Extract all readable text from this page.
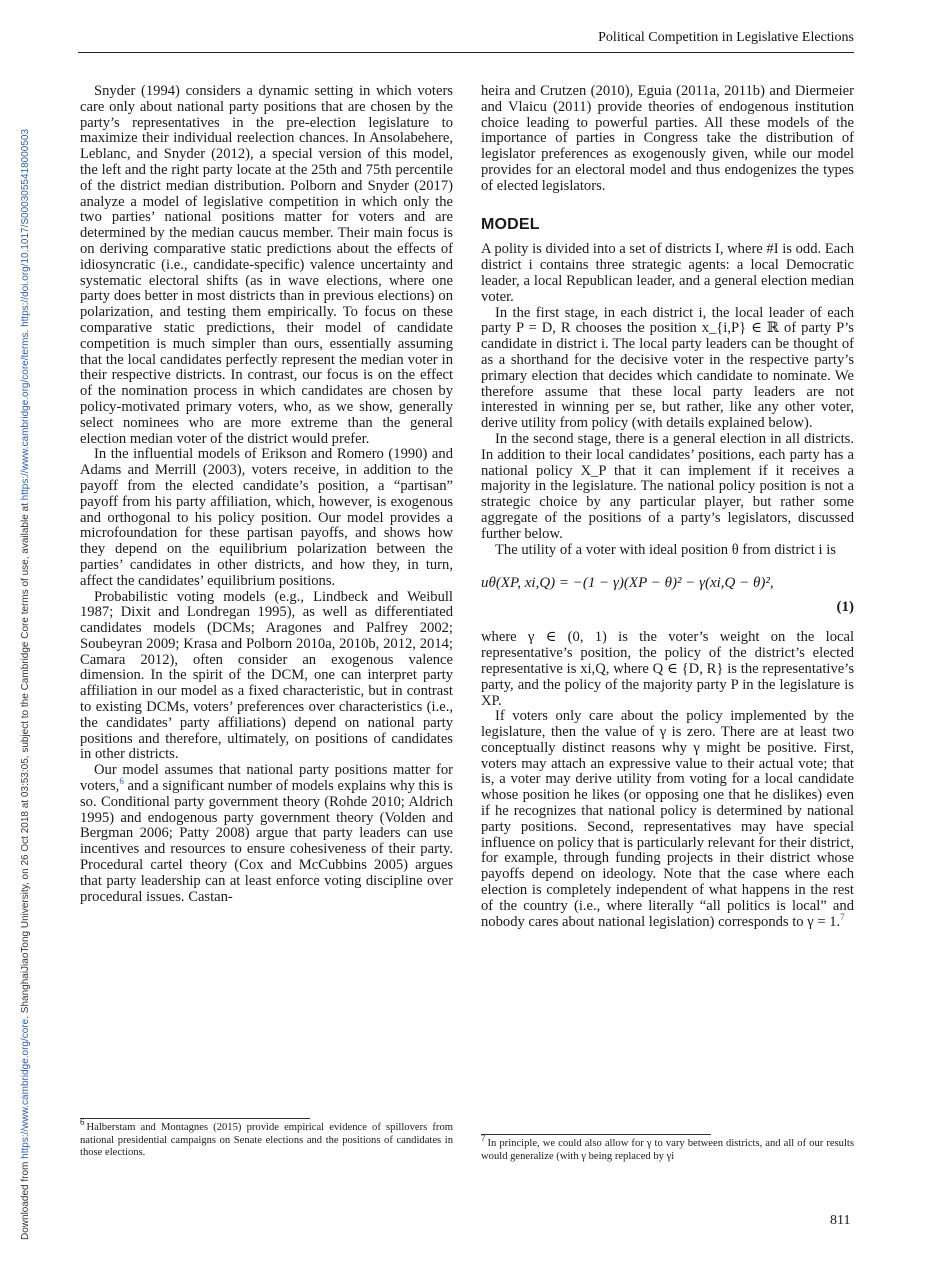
Political Competition in Legislative Elections
Downloaded from https://www.cambridge.org/core. ShanghaiJiaoTong University, on 26 Oct 2018 at 03:53:05, subject to the Cambridge Core terms of use, available at https://www.cambridge.org/core/terms. https://doi.org/10.1017/S0003055418000503

Snyder (1994) considers a dynamic setting in which voters care only about national party positions that are chosen by the party’s representatives in the pre-election legislature to maximize their individual reelection chances. In Ansolabehere, Leblanc, and Snyder (2012), a special version of this model, the left and the right party locate at the 25th and 75th percentile of the district median distribution. Polborn and Snyder (2017) analyze a model of legislative competition in which only the two parties’ national positions matter for voters and are determined by the median caucus member. Their main focus is on deriving comparative static predictions about the effects of idiosyncratic (i.e., candidate-specific) valence uncertainty and systematic electoral shifts (as in wave elections, where one party does better in most districts than in previous elections) on polarization, and testing them empirically. To focus on these comparative static predictions, their model of candidate competition is much simpler than ours, essentially assuming that the local candidates perfectly represent the median voter in their respective districts. In contrast, our focus is on the effect of the nomination process in which candidates are chosen by policy-motivated primary voters, who, as we show, generally select nominees who are more extreme than the general election median voter of the district would prefer.

In the influential models of Erikson and Romero (1990) and Adams and Merrill (2003), voters receive, in addition to the payoff from the elected candidate’s position, a “partisan” payoff from his party affiliation, which, however, is exogenous and orthogonal to his policy position. Our model provides a microfoundation for these partisan payoffs, and shows how they depend on the equilibrium polarization between the parties’ candidates in other districts, and how they, in turn, affect the candidates’ equilibrium positions.

Probabilistic voting models (e.g., Lindbeck and Weibull 1987; Dixit and Londregan 1995), as well as differentiated candidates models (DCMs; Aragones and Palfrey 2002; Soubeyran 2009; Krasa and Polborn 2010a, 2010b, 2012, 2014; Camara 2012), often consider an exogenous valence dimension. In the spirit of the DCM, one can interpret party affiliation in our model as a fixed characteristic, but in contrast to existing DCMs, voters’ preferences over characteristics (i.e., the candidates’ party affiliations) depend on national party positions and therefore, ultimately, on positions of candidates in other districts.

Our model assumes that national party positions matter for voters,$^6$ and a significant number of models explains why this is so. Conditional party government theory (Rohde 2010; Aldrich 1995) and endogenous party government theory (Volden and Bergman 2006; Patty 2008) argue that party leaders can use incentives and resources to ensure cohesiveness of their party. Procedural cartel theory (Cox and McCubbins 2005) argues that party leadership can at least enforce voting discipline over procedural issues. Castan-

heira and Crutzen (2010), Eguia (2011a, 2011b) and Diermeier and Vlaicu (2011) provide theories of endogenous institution choice leading to powerful parties. All these models of the importance of parties in Congress take the distribution of legislator preferences as exogenously given, while our model provides for an electoral model and thus endogenizes the types of elected legislators.

MODEL

A polity is divided into a set of districts I, where #I is odd. Each district i contains three strategic agents: a local Democratic leader, a local Republican leader, and a general election median voter.

In the first stage, in each district i, the local leader of each party P = D, R chooses the position x_{i,P} ∈ ℝ of party P’s candidate in district i. The local party leaders can be thought of as a shorthand for the decisive voter in the respective party’s primary election that decides which candidate to nominate. We therefore assume that these local party leaders are not interested in winning per se, but rather, like any other voter, derive utility from policy (with details explained below).

In the second stage, there is a general election in all districts. In addition to their local candidates’ positions, each party has a national policy X_P that it can implement if it receives a majority in the legislature. The national policy position is not a strategic choice by any particular player, but rather some aggregate of the positions of a party’s legislators, discussed further below.

The utility of a voter with ideal position θ from district i is

uθ(XP, xi,Q) = −(1 − γ)(XP − θ)² − γ(xi,Q − θ)²,
(1)

where γ ∈ (0, 1) is the voter’s weight on the local representative’s position, the policy of the district’s elected representative is xi,Q, where Q ∈ {D, R} is the representative’s party, and the policy of the majority party P in the legislature is XP.

If voters only care about the policy implemented by the legislature, then the value of γ is zero. There are at least two conceptually distinct reasons why γ might be positive. First, voters may attach an expressive value to their actual vote; that is, a voter may derive utility from voting for a local candidate whose position he likes (or opposing one that he dislikes) even if he recognizes that national policy is determined by national party positions. Second, representatives may have special influence on policy that is particularly relevant for their district, for example, through funding projects in their district whose payoffs depend on ideology. Note that the case where each election is completely independent of what happens in the rest of the country (i.e., where literally “all politics is local” and nobody cares about national legislation) corresponds to γ = 1.$^7$

$^6$ Halberstam and Montagnes (2015) provide empirical evidence of spillovers from national presidential campaigns on Senate elections and the positions of candidates in those elections.
$^7$ In principle, we could also allow for γ to vary between districts, and all of our results would generalize (with γ being replaced by γi
811
